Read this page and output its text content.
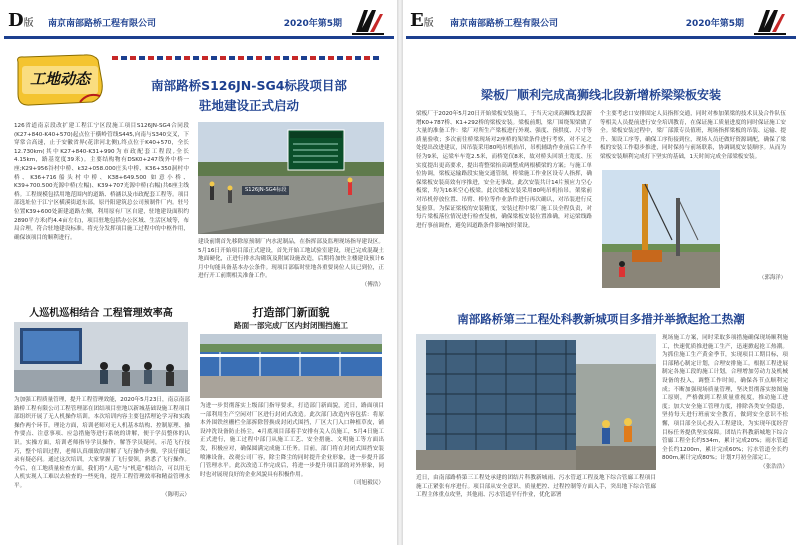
D版 南京南部路桥工程有限公司	2020年第5期
工地动态	南部路桥S126JN-SG4标段项目部
驻地建设正式启动
126省道南京段改扩建工程江宁区段施工项目S126JN-SG4合同段(K27+840-K40+570)起点位于横岭管线S445,向南与S340交叉，下穿常合高速，止于安徽省界(花津河北侧),终点位于K40+570，全长12.730km(其中K27+840-K31+990为市政配套工程段,全长4.15km，路基宽度39米)。主要结构物有DSK0+247线外中桥一座;K29+956谷村中桥、k32+058.000庄头中桥、K36+350洞村中桥、K36+716船头村中桥、K38+649.500 如意小桥、K39+700.500光源中桥(左幅)、K39+707光源中桥(右幅)共6座主线桥。工程规模包括用地范围内的道路、桥涵以及市政配套工程等。项目部选址位于江宁区横溪街道东部，原丹阳建筑总公司预制件厂内。驻号位置K39+600处新建道路左侧，利用原有厂区自建，驻地建设面积约2890平方米(约4.4亩左右)，项目驻地包括办公区域、生活区域等，布局合理，符合驻地建设标准。将充分发挥项目施工过程中的中枢作用，确保该项目的顺利进行。
S126JN-SG4标段
建设前期首先移除原预制厂内水泥制品，在指挥部及监理现场指导建设区。5月16日开始项目部正式建设，首先开始工地试验室建设，现已完成混凝土地面硬化，正进行排水沟砌筑及附属设施改造，后期将加快主楼建设预计6月中旬能具备基本办公条件。现项目部临时驻地各重要岗位人员已到位，正进行开工前期相关准备工作。
（傅浩）
人巡机巡相结合 工程管理效率高
为加强工程质量管理，提升工程管理效能，2020年5月23日，南京南部路桥工程有限公司工程管理部在团结项目驻地以新城基础设施工程项目部组织开展了无人机操作培训。本次培训内容主要包括理论学习和实践操作两个环节。理论方面，培训老师对无人机基本结构、控制原理、操作要点、注意事项、应急措施等进行系统的讲解，便于学员整体的认识。实操方面，培训老师指导学员操作，解答学员疑问，示范飞行技巧，整个培训过程，老师认真细致的讲解了飞行操作步骤，学员仔细记录有疑必问。通过这次培训，大家掌握了飞行要领，熟悉了飞行操作。今后，在工地质量检查方面，我们将“人巡”与“机巡”相结合，可以用无人机实现人工难以去检查的一些死角，提升工程管理效率和精益管理水平。
（陈明云）
打造部门新面貌
路面一部完成厂区内封闭围挡施工
为进一步贯彻落实上级部门指导要求，打造部门新面貌，近日，路面项目一部利用生产空闲对厂区进行封闭式改造。此次部门改造内容包括：将原本外围铁丝栅栏全部拆除替换成封闭式围挡，厂区大门入口种植草皮，铺设冲洗设备防止扬尘。4月底项目部着手安排有关人员施工，5月4日施工正式进行，施工过程中部门从施工工艺、安全措施、文明施工等方面出发，积极应对，确保圆满完成施工任务。目前，部门将在封闭式围挡安装喷淋设备，改观公司厂容，除尘降尘的同时提升企业形象，进一步提升部门管理水平。此次改造工作完成后，将进一步提升项目部的对外形象，同时也对展现良好的企业风貌具有积极作用。
（司旭毅民）
E版 南京南部路桥工程有限公司	2020年第5期
梁板厂顺利完成高狮线北段新增桥梁梁板安装
梁板厂于2020年5月20日开始梁板安装施工，于当天完成高狮线北段新增K0+787桥、K1+292桥的梁板安装。梁板前期，梁厂围绕架梁做了大量的准备工作：梁厂对所生产梁板进行外观、强度、预拱度、尺寸等质量验收；多次前往桥梁现场对2座桥的架梁条件进行考察，对不足之处提出改进建议，因吊装采用80吨吊机抬吊，吊机辅助作业前后工作半径为9米，运梁车车宽2.5米，而桥宽仅8米，故对桥头回填土宽度、压实度提出更高要求，提出将整梁抬高调整成两根横梁的方案；与施工单位协调，梁板运输路段实施交通管制，桥梁施工作业区设专人指挥，确保梁板安装高效有序推进，安全无事故。此次安装共计14片预应力空心板梁，均为16米空心板梁。此次梁板安装采用80吨吊机抬吊。架梁前对吊机停放位置、吊臂、桥位等作业条件进行再次确认，对吊装进行反复验算。为保证梁板的安装精度，安装过程中梁厂施工员全程负责，对每片梁板落位情况进行检查复核，确保梁板安装位置准确，对运梁线路进行事前调查，避免因道路条件影响按时架设。
个主要考虑口安排固定人员指挥交通，同时对参加架梁的技术员及合作队伍等相关人员提前进行安全培训教育，在保证施工质量进度的同时保证施工安全。梁板安装过程中，梁厂部派专员值班，现场指挥梁板的吊装、运输、提升、架设工序等，确保工序衔接到位，现场人员还做好资源调配，确保了梁板的安装工作稳步推进，同时保持与前场联系，协调调度安装顺序。从而为梁板安装顺利完成打下坚实的基础，1天时间完成全部梁板安装。
（郭海洋）
南部路桥第三工程处科教新城项目多措并举掀起抢工热潮
现场施工方案，同时采取多项措施确保现场顺利施工，快速优质推进施工生产，迅速掀起抢工热潮。为抓住施工生产黄金季节，实现项目工期目标，项目部精心制定计划，合理安排施工。根据工程进展制定各施工段的施工计划，合理增加劳动力及机械设备的投入，调整工作时间，确保各节点顺利完成；不断加强现场质量管理，坚决贯彻落实按图施工原则，严格做到工程质量重视度，推动施工进度；加大安全施工管理力度，排除各类安全隐患，坚持每天进行班前安全教育，做到安全意识不松懈，项目部全员心投入工程建设，为实现年度经营目标任务提供坚实保障。团结片科教新城地下综合管廊工程全长约534m，累计完成20%；雨水管道全长约1200m，累计完成60%；污水管道全长约800m,累计完成80%；计划7月初全部完工。
（张浩浩）
近日，由南部路桥第三工程处承建的团结片科教新城雨、污水管道工程及地下综合管廊工程项目施工正紧张有序进行。项目部从安全意识、质量把控、过程控制等方面入手，突出地下综合管廊工程主体重点攻坚，其他雨、污水管道平行作业，优化部署
